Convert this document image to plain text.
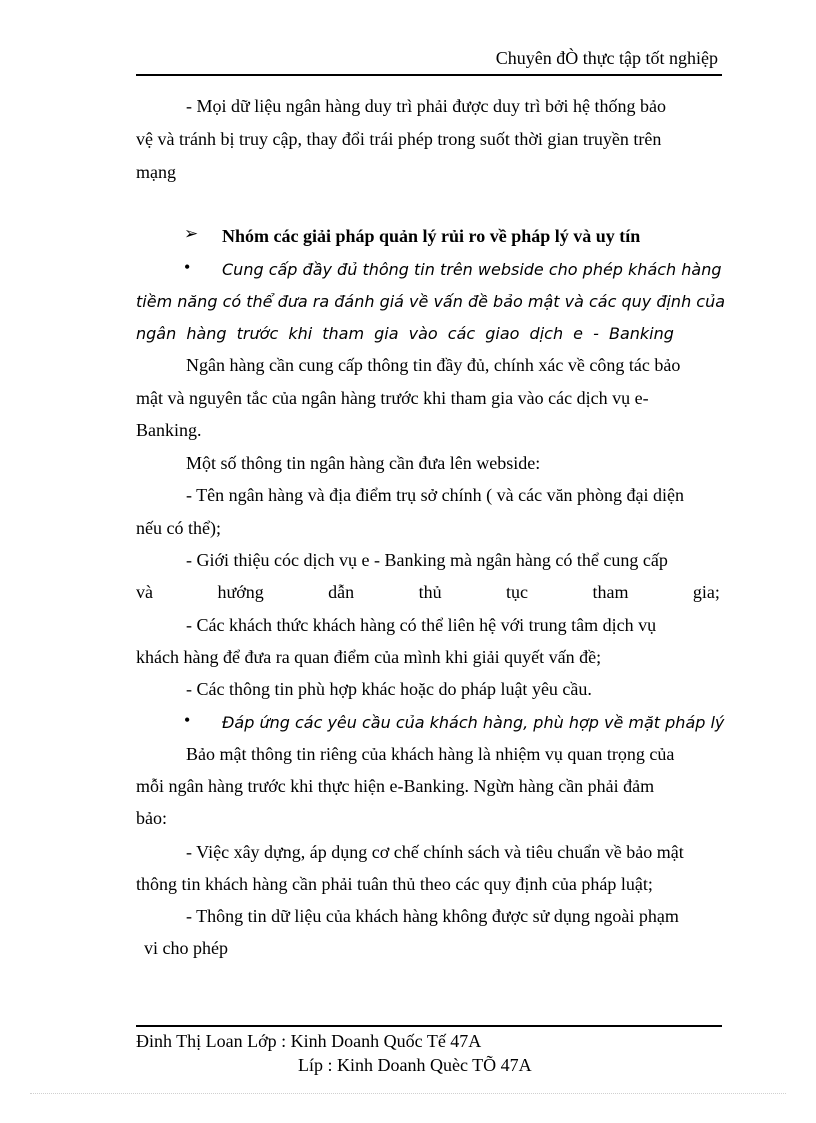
Chuyên đÒ thực tập tốt nghiệp
- Mọi dữ liệu ngân hàng duy trì phải được duy trì bởi hệ thống bảo
vệ và tránh bị truy cập, thay đổi trái phép trong suốt thời gian truyền trên
mạng
➢ Nhóm các giải pháp quản lý rủi ro về pháp lý và uy tín
• Cung cấp đầy đủ thông tin trên webside cho phép khách hàng
tiềm năng có thể đưa ra đánh giá về vấn đề bảo mật và các quy định của
ngân hàng trước khi tham gia vào các giao dịch e - Banking
Ngân hàng cần cung cấp thông tin đầy đủ, chính xác về công tác bảo
mật và nguyên tắc của ngân hàng trước khi tham gia vào các dịch vụ e-
Banking.
Một số thông tin ngân hàng cần đưa lên webside:
- Tên ngân hàng và địa điểm trụ sở chính ( và các văn phòng đại diện
nếu có thể);
- Giới thiệu cóc dịch vụ e - Banking mà ngân hàng có thể cung cấp
và	hướng	dẫn	thủ	tục	tham	gia;
- Các khách thức khách hàng có thể liên hệ với trung tâm dịch vụ
khách hàng để đưa ra quan điểm của mình khi giải quyết vấn đề;
- Các thông tin phù hợp khác hoặc do pháp luật yêu cầu.
• Đáp ứng các yêu cầu của khách hàng, phù hợp về mặt pháp lý
Bảo mật thông tin riêng của khách hàng là nhiệm vụ quan trọng của
mỗi ngân hàng trước khi thực hiện e-Banking. Ngừn hàng cần phải đảm
bảo:
- Việc xây dựng, áp dụng cơ chế chính sách và tiêu chuẩn về bảo mật
thông tin khách hàng cần phải tuân thủ theo các quy định của pháp luật;
- Thông tin dữ liệu của khách hàng không được sử dụng ngoài phạm
vi cho phép
Đinh Thị Loan Lớp : Kinh Doanh Quốc Tế 47A
Líp : Kinh Doanh Quèc TÕ 47A
